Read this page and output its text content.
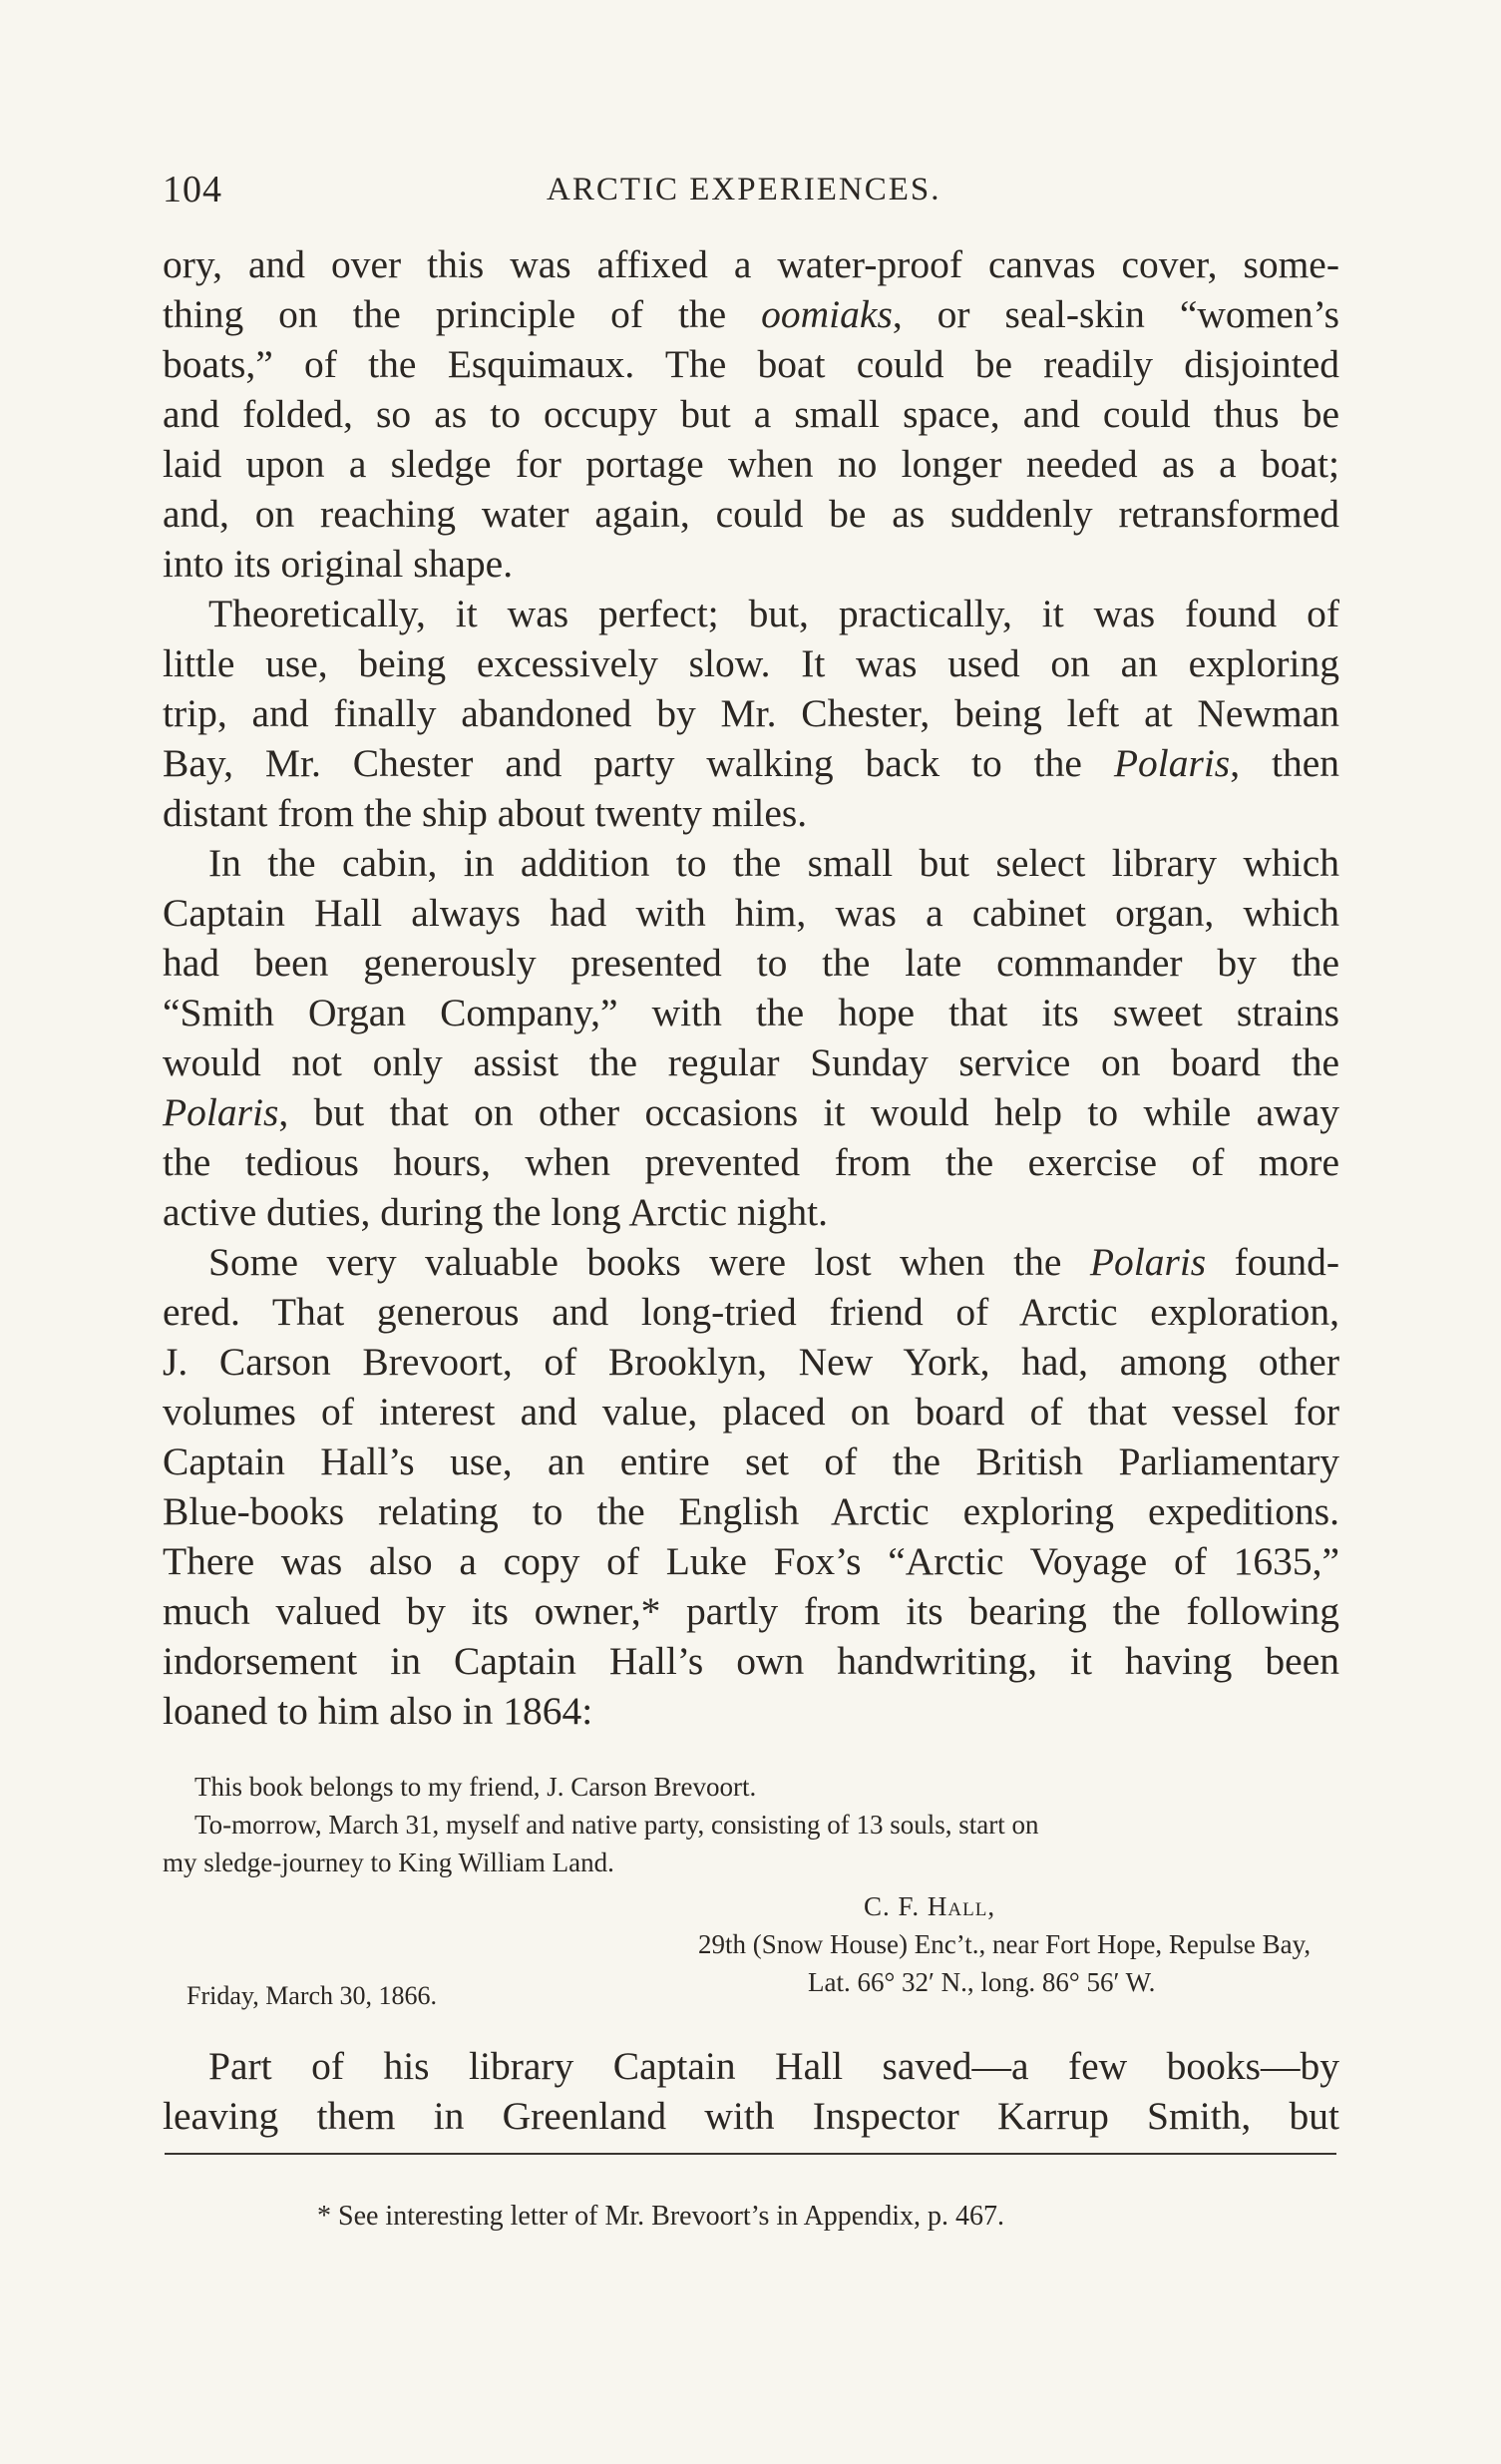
104	ARCTIC EXPERIENCES.
ory, and over this was affixed a water-proof canvas cover, some-
thing on the principle of the oomiaks, or seal-skin “women’s
boats,” of the Esquimaux. The boat could be readily disjointed
and folded, so as to occupy but a small space, and could thus be
laid upon a sledge for portage when no longer needed as a boat;
and, on reaching water again, could be as suddenly retransformed
into its original shape.
Theoretically, it was perfect; but, practically, it was found of
little use, being excessively slow. It was used on an exploring
trip, and finally abandoned by Mr. Chester, being left at Newman
Bay, Mr. Chester and party walking back to the Polaris, then
distant from the ship about twenty miles.
In the cabin, in addition to the small but select library which
Captain Hall always had with him, was a cabinet organ, which
had been generously presented to the late commander by the
“Smith Organ Company,” with the hope that its sweet strains
would not only assist the regular Sunday service on board the
Polaris, but that on other occasions it would help to while away
the tedious hours, when prevented from the exercise of more
active duties, during the long Arctic night.
Some very valuable books were lost when the Polaris found-
ered. That generous and long-tried friend of Arctic exploration,
J. Carson Brevoort, of Brooklyn, New York, had, among other
volumes of interest and value, placed on board of that vessel for
Captain Hall’s use, an entire set of the British Parliamentary
Blue-books relating to the English Arctic exploring expeditions.
There was also a copy of Luke Fox’s “Arctic Voyage of 1635,”
much valued by its owner,* partly from its bearing the following
indorsement in Captain Hall’s own handwriting, it having been
loaned to him also in 1864:
This book belongs to my friend, J. Carson Brevoort.
To-morrow, March 31, myself and native party, consisting of 13 souls, start on
my sledge-journey to King William Land.
C. F. Hall,
29th (Snow House) Enc’t., near Fort Hope, Repulse Bay,
Lat. 66° 32′ N., long. 86° 56′ W.
Friday, March 30, 1866.
Part of his library Captain Hall saved—a few books—by
leaving them in Greenland with Inspector Karrup Smith, but
* See interesting letter of Mr. Brevoort’s in Appendix, p. 467.
